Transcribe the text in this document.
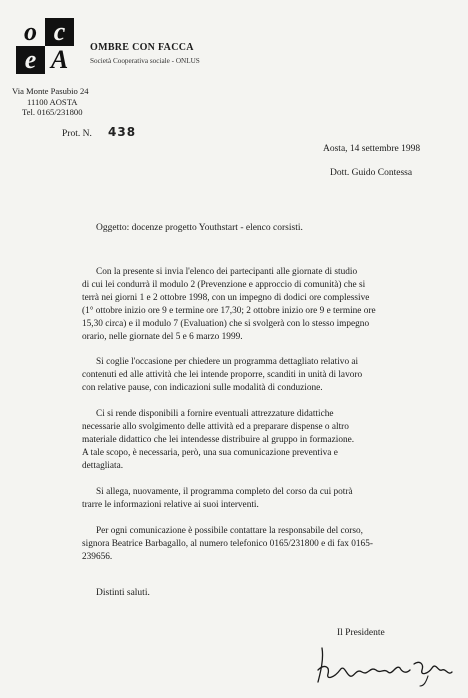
o c
e A	OMBRE CON FACCA
Società Cooperativa sociale - ONLUS
Via Monte Pasubio 24
11100 AOSTA
Tel. 0165/231800
Prot. N. 438
Aosta, 14 settembre 1998
Dott. Guido Contessa
Oggetto: docenze progetto Youthstart - elenco corsisti.
Con la presente si invia l'elenco dei partecipanti alle giornate di studio
di cui lei condurrà il modulo 2 (Prevenzione e approccio di comunità) che si
terrà nei giorni 1 e 2 ottobre 1998, con un impegno di dodici ore complessive
(1° ottobre inizio ore 9 e termine ore 17,30; 2 ottobre inizio ore 9 e termine ore
15,30 circa) e il modulo 7 (Evaluation) che si svolgerà con lo stesso impegno
orario, nelle giornate del 5 e 6 marzo 1999.
Si coglie l'occasione per chiedere un programma dettagliato relativo ai
contenuti ed alle attività che lei intende proporre, scanditi in unità di lavoro
con relative pause, con indicazioni sulle modalità di conduzione.
Ci si rende disponibili a fornire eventuali attrezzature didattiche
necessarie allo svolgimento delle attività ed a preparare dispense o altro
materiale didattico che lei intendesse distribuire al gruppo in formazione.
A tale scopo, è necessaria, però, una sua comunicazione preventiva e
dettagliata.
Si allega, nuovamente, il programma completo del corso da cui potrà
trarre le informazioni relative ai suoi interventi.
Per ogni comunicazione è possibile contattare la responsabile del corso,
signora Beatrice Barbagallo, al numero telefonico 0165/231800 e di fax 0165-
239656.
Distinti saluti.
Il Presidente
